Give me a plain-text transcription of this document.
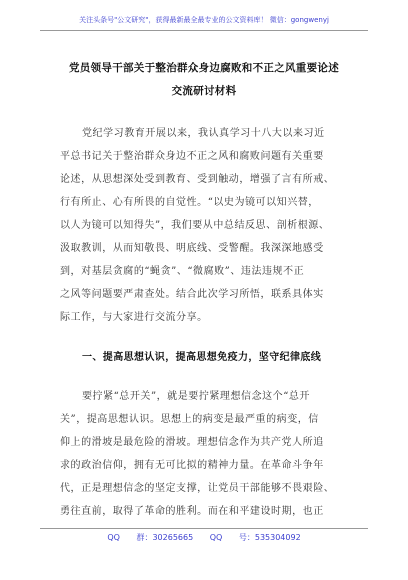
关注头条号"公文研究"，获得最新最全最专业的公文资料库！ 微信：gongwenyj
党员领导干部关于整治群众身边腐败和不正之风重要论述
交流研讨材料
党纪学习教育开展以来，我认真学习十八大以来习近
平总书记关于整治群众身边不正之风和腐败问题有关重要
论述，从思想深处受到教育、受到触动，增强了言有所戒、
行有所止、心有所畏的自觉性。“以史为镜可以知兴替，
以人为镜可以知得失”，我们要从中总结反思、剖析根源、
汲取教训，从而知敬畏、明底线、受警醒。我深深地感受
到，对基层贪腐的“蝇贪”、“微腐败”、违法违规不正
之风等问题要严肃查处。结合此次学习所悟，联系具体实
际工作，与大家进行交流分享。
一、提高思想认识，提高思想免疫力，坚守纪律底线
要拧紧“总开关”，就是要拧紧理想信念这个“总开
关”，提高思想认识。思想上的病变是最严重的病变，信
仰上的滑坡是最危险的滑坡。理想信念作为共产党人所追
求的政治信仰，拥有无可比拟的精神力量。在革命斗争年
代，正是理想信念的坚定支撑，让党员干部能够不畏艰险、
勇往直前，取得了革命的胜利。而在和平建设时期，也正
QQ 群：30265665 QQ 号：535304092
